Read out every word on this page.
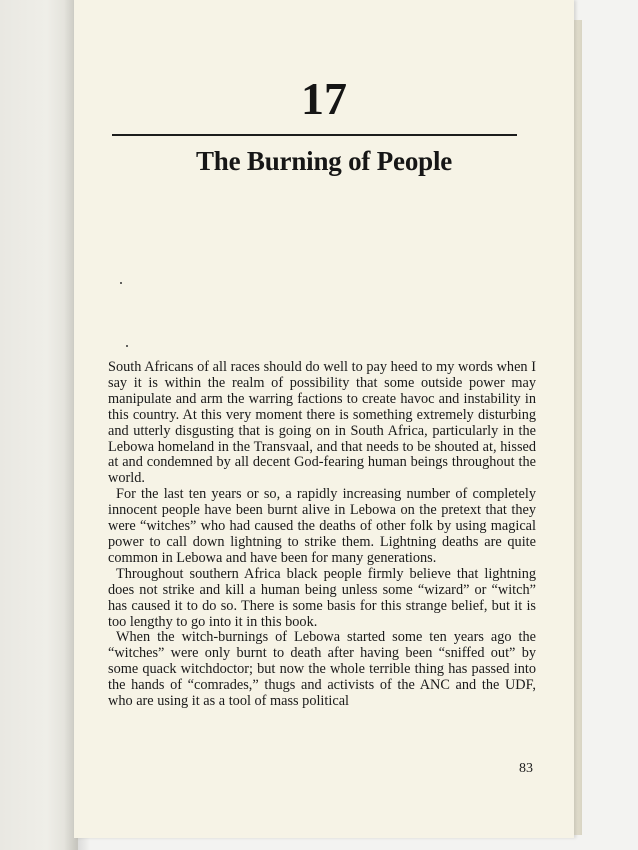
17
The Burning of People

South Africans of all races should do well to pay heed to my words when I say it is within the realm of possibility that some outside power may manipulate and arm the warring factions to create havoc and instability in this country. At this very moment there is something extremely disturbing and utterly disgusting that is going on in South Africa, particularly in the Lebowa homeland in the Transvaal, and that needs to be shouted at, hissed at and condemned by all decent God-fearing human beings throughout the world.

For the last ten years or so, a rapidly increasing number of completely innocent people have been burnt alive in Lebowa on the pretext that they were “witches” who had caused the deaths of other folk by using magical power to call down lightning to strike them. Lightning deaths are quite common in Lebowa and have been for many generations.

Throughout southern Africa black people firmly believe that lightning does not strike and kill a human being unless some “wizard” or “witch” has caused it to do so. There is some basis for this strange belief, but it is too lengthy to go into it in this book.

When the witch-burnings of Lebowa started some ten years ago the “witches” were only burnt to death after having been “sniffed out” by some quack witchdoctor; but now the whole terrible thing has passed into the hands of “comrades,” thugs and activists of the ANC and the UDF, who are using it as a tool of mass political

83
